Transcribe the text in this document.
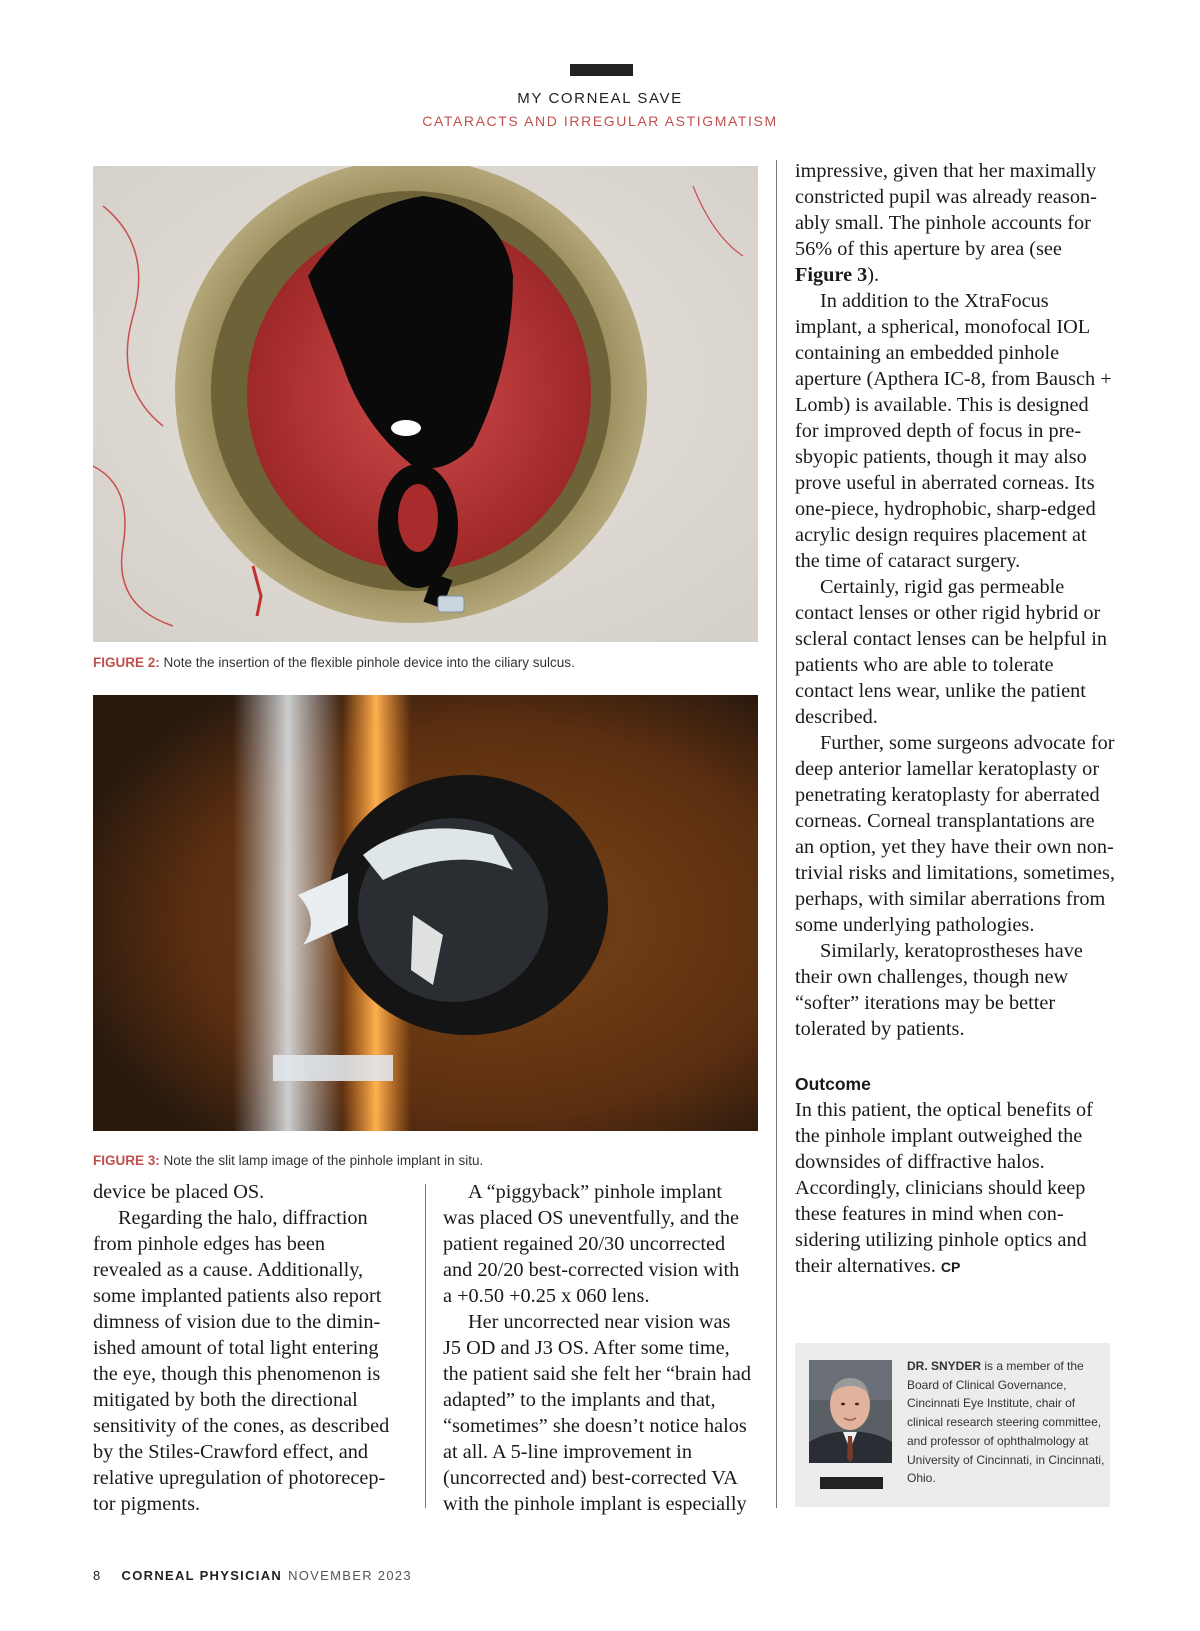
MY CORNEAL SAVE
CATARACTS AND IRREGULAR ASTIGMATISM
FIGURE 2: Note the insertion of the flexible pinhole device into the ciliary sulcus.
FIGURE 3: Note the slit lamp image of the pinhole implant in situ.

device be placed OS.

Regarding the halo, diffraction from pinhole edges has been revealed as a cause. Additionally, some implanted patients also report dimness of vision due to the diminished amount of total light entering the eye, though this phenomenon is mitigated by both the directional sensitivity of the cones, as described by the Stiles-Crawford effect, and relative upregulation of photoreceptor pigments.

A “piggyback” pinhole implant was placed OS uneventfully, and the patient regained 20/30 uncorrected and 20/20 best-corrected vision with a +0.50 +0.25 x 060 lens.

Her uncorrected near vision was J5 OD and J3 OS. After some time, the patient said she felt her “brain had adapted” to the implants and that, “sometimes” she doesn’t notice halos at all. A 5-line improvement in (uncorrected and) best-corrected VA with the pinhole implant is especially

impressive, given that her maximally constricted pupil was already reasonably small. The pinhole accounts for 56% of this aperture by area (see Figure 3).

In addition to the XtraFocus implant, a spherical, monofocal IOL containing an embedded pinhole aperture (Apthera IC-8, from Bausch + Lomb) is available. This is designed for improved depth of focus in presbyopic patients, though it may also prove useful in aberrated corneas. Its one-piece, hydrophobic, sharp-edged acrylic design requires placement at the time of cataract surgery.

Certainly, rigid gas permeable contact lenses or other rigid hybrid or scleral contact lenses can be helpful in patients who are able to tolerate contact lens wear, unlike the patient described.

Further, some surgeons advocate for deep anterior lamellar keratoplasty or penetrating keratoplasty for aberrated corneas. Corneal transplantations are an option, yet they have their own non-trivial risks and limitations, sometimes, perhaps, with similar aberrations from some underlying pathologies.

Similarly, keratoprostheses have their own challenges, though new “softer” iterations may be better tolerated by patients.

Outcome

In this patient, the optical benefits of the pinhole implant outweighed the downsides of diffractive halos. Accordingly, clinicians should keep these features in mind when considering utilizing pinhole optics and their alternatives. CP

DR. SNYDER is a member of the Board of Clinical Governance, Cincinnati Eye Institute, chair of clinical research steering committee, and professor of ophthalmology at University of Cincinnati, in Cincinnati, Ohio.
8 CORNEAL PHYSICIAN NOVEMBER 2023
